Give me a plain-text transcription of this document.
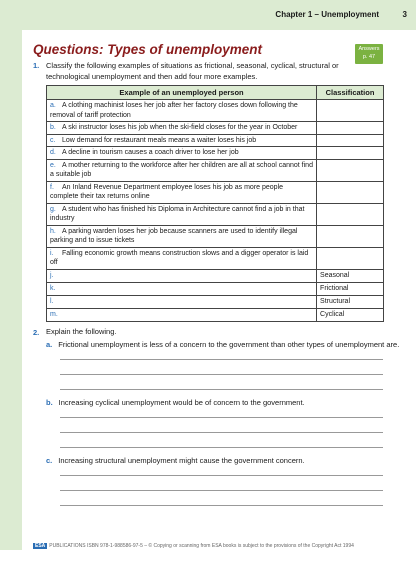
Chapter 1 – Unemployment	3
Questions: Types of unemployment	Answers
p. 47
1. Classify the following examples of situations as frictional, seasonal, cyclical, structural or technological unemployment and then add four more examples.
Example of an unemployed person	Classification
a. A clothing machinist loses her job after her factory closes down following the removal of tariff protection	
b. A ski instructor loses his job when the ski-field closes for the year in October	
c. Low demand for restaurant meals means a waiter loses his job	
d. A decline in tourism causes a coach driver to lose her job	
e. A mother returning to the workforce after her children are all at school cannot find a suitable job	
f. An Inland Revenue Department employee loses his job as more people complete their tax returns online	
g. A student who has finished his Diploma in Architecture cannot find a job in that industry	
h. A parking warden loses her job because scanners are used to identify illegal parking and to issue tickets	
i. Falling economic growth means construction slows and a digger operator is laid off	
j.	Seasonal
k.	Frictional
l.	Structural
m.	Cyclical
2. Explain the following.
a. Frictional unemployment is less of a concern to the government than other types of unemployment are.
b. Increasing cyclical unemployment would be of concern to the government.
c. Increasing structural unemployment might cause the government concern.
ESA PUBLICATIONS ISBN 978-1-988586-97-5 – © Copying or scanning from ESA books is subject to the provisions of the Copyright Act 1994
